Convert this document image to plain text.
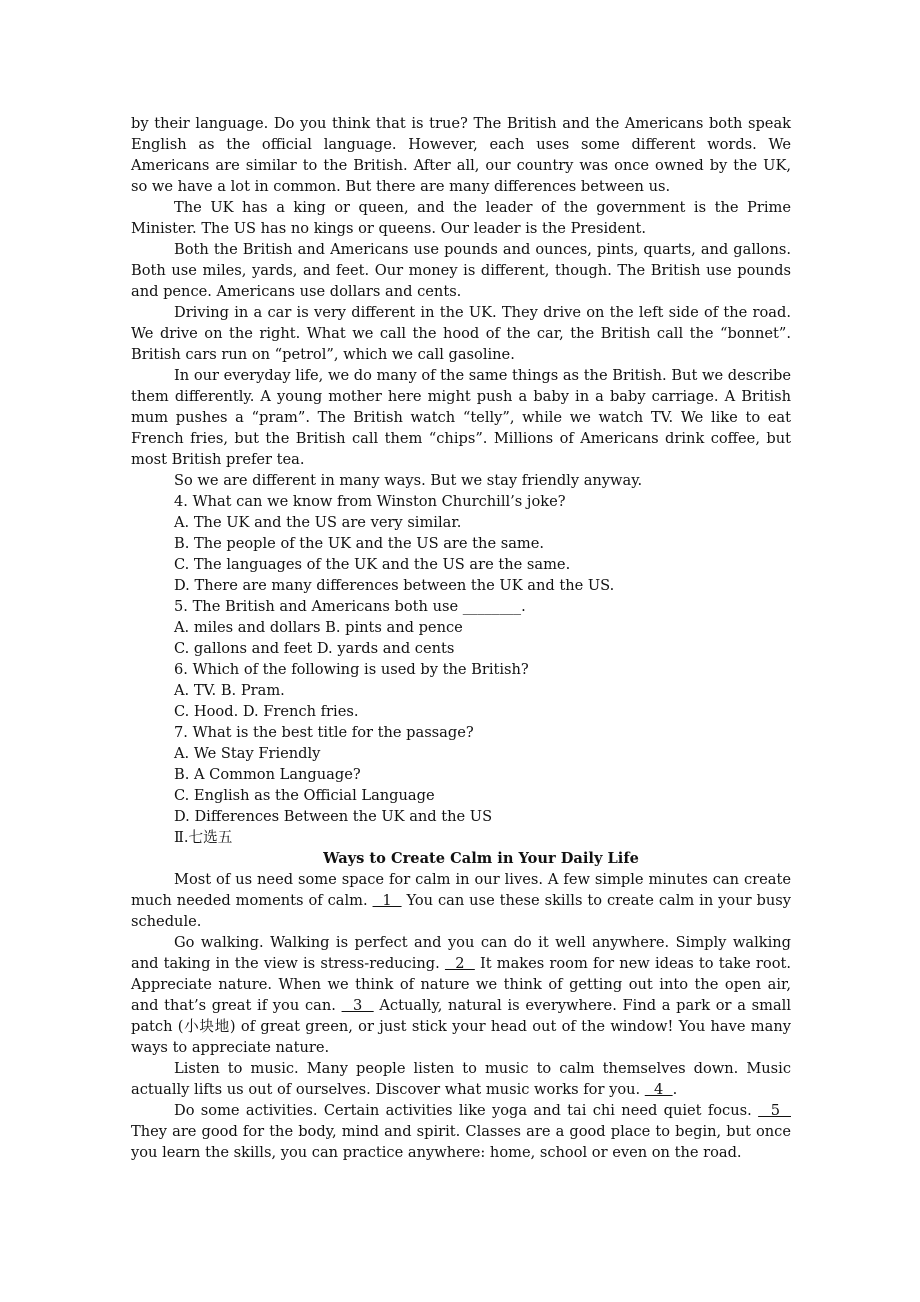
by their language. Do you think that is true? The British and the Americans both speak English as the official language. However, each uses some different words. We Americans are similar to the British. After all, our country was once owned by the UK, so we have a lot in common. But there are many differences between us.

The UK has a king or queen, and the leader of the government is the Prime Minister. The US has no kings or queens. Our leader is the President.

Both the British and Americans use pounds and ounces, pints, quarts, and gallons. Both use miles, yards, and feet. Our money is different, though. The British use pounds and pence. Americans use dollars and cents.

Driving in a car is very different in the UK. They drive on the left side of the road. We drive on the right. What we call the hood of the car, the British call the “bonnet”. British cars run on “petrol”, which we call gasoline.

In our everyday life, we do many of the same things as the British. But we describe them differently. A young mother here might push a baby in a baby carriage. A British mum pushes a “pram”. The British watch “telly”, while we watch TV. We like to eat French fries, but the British call them “chips”. Millions of Americans drink coffee, but most British prefer tea.

So we are different in many ways. But we stay friendly anyway.

4. What can we know from Winston Churchill’s joke?

A. The UK and the US are very similar.

B. The people of the UK and the US are the same.

C. The languages of the UK and the US are the same.

D. There are many differences between the UK and the US.

5. The British and Americans both use ________.

A. miles and dollars B. pints and pence

C. gallons and feet D. yards and cents

6. Which of the following is used by the British?

A. TV. B. Pram.

C. Hood. D. French fries.

7. What is the best title for the passage?

A. We Stay Friendly

B. A Common Language?

C. English as the Official Language

D. Differences Between the UK and the US

Ⅱ.七选五

Ways to Create Calm in Your Daily Life

Most of us need some space for calm in our lives. A few simple minutes can create much needed moments of calm.   1   You can use these skills to create calm in your busy schedule.

Go walking. Walking is perfect and you can do it well anywhere. Simply walking and taking in the view is stress-reducing.   2   It makes room for new ideas to take root. Appreciate nature. When we think of nature we think of getting out into the open air, and that’s great if you can.   3   Actually, natural is everywhere. Find a park or a small patch (小块地) of great green, or just stick your head out of the window! You have many ways to appreciate nature.

Listen to music. Many people listen to music to calm themselves down. Music actually lifts us out of ourselves. Discover what music works for you.   4  .

Do some activities. Certain activities like yoga and tai chi need quiet focus.   5   They are good for the body, mind and spirit. Classes are a good place to begin, but once you learn the skills, you can practice anywhere: home, school or even on the road.
